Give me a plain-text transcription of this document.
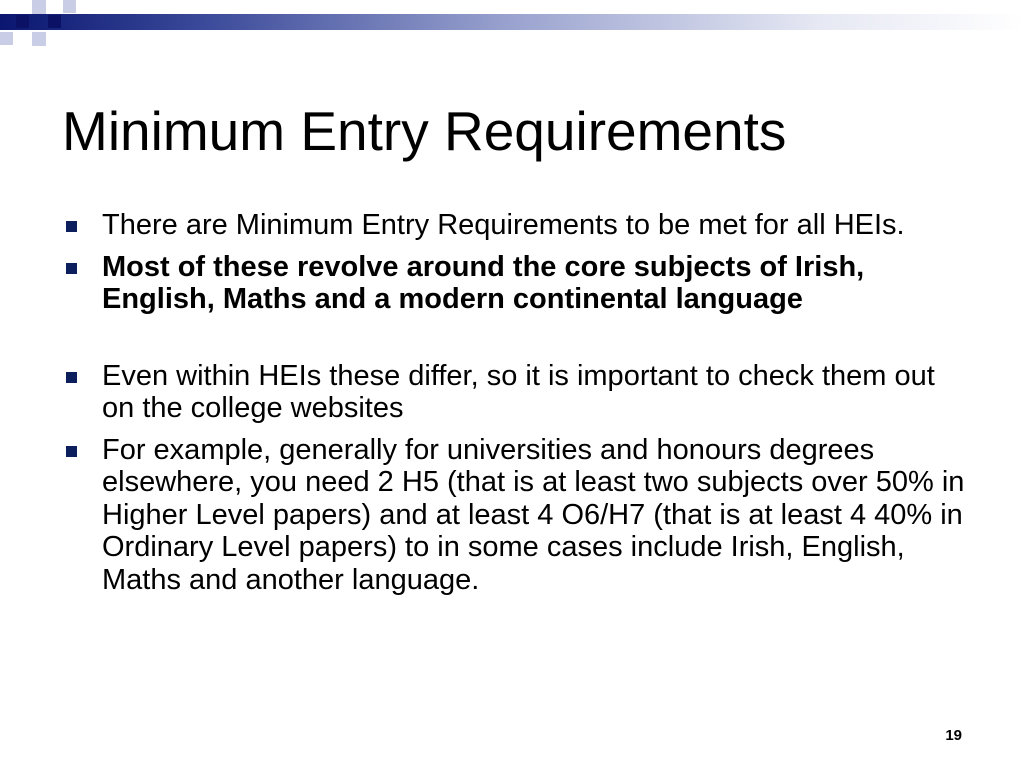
Minimum Entry Requirements
There are Minimum Entry Requirements to be met for all HEIs.
Most of these revolve around the core subjects of Irish, English, Maths and a modern continental language
Even within HEIs these differ, so it is important to check them out on the college websites
For example, generally for universities and honours degrees elsewhere, you need 2 H5 (that is at least two subjects over 50% in Higher Level papers) and at least 4 O6/H7 (that is at least 4 40% in Ordinary Level papers) to in some cases include Irish, English, Maths and another language.
19
